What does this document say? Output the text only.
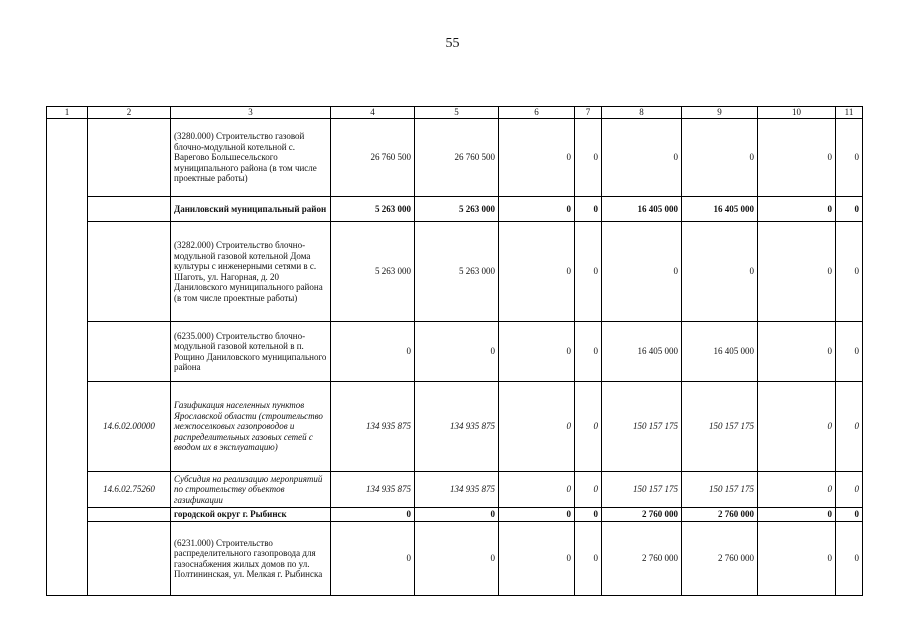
55
1	2	3	4	5	6	7	8	9	10	11
		(3280.000) Строительство газовой блочно-модульной котельной с. Варегово Большесельского муниципального района (в том числе проектные работы)	26 760 500	26 760 500	0	0	0	0	0	0
		Даниловский муниципальный район	5 263 000	5 263 000	0	0	16 405 000	16 405 000	0	0
		(3282.000) Строительство блочно-модульной газовой котельной Дома культуры с инженерными сетями в с. Шаготь, ул. Нагорная, д. 20 Даниловского муниципального района (в том числе проектные работы)	5 263 000	5 263 000	0	0	0	0	0	0
		(6235.000) Строительство блочно-модульной газовой котельной в п. Рощино Даниловского муниципального района	0	0	0	0	16 405 000	16 405 000	0	0
	14.6.02.00000	Газификация населенных пунктов Ярославской области (строительство межпоселковых газопроводов и распределительных газовых сетей с вводом их в эксплуатацию)	134 935 875	134 935 875	0	0	150 157 175	150 157 175	0	0
	14.6.02.75260	Субсидия на реализацию мероприятий по строительству объектов газификации	134 935 875	134 935 875	0	0	150 157 175	150 157 175	0	0
		городской округ г. Рыбинск	0	0	0	0	2 760 000	2 760 000	0	0
		(6231.000) Строительство распределительного газопровода для газоснабжения жилых домов по ул. Полтининская, ул. Мелкая г. Рыбинска	0	0	0	0	2 760 000	2 760 000	0	0
